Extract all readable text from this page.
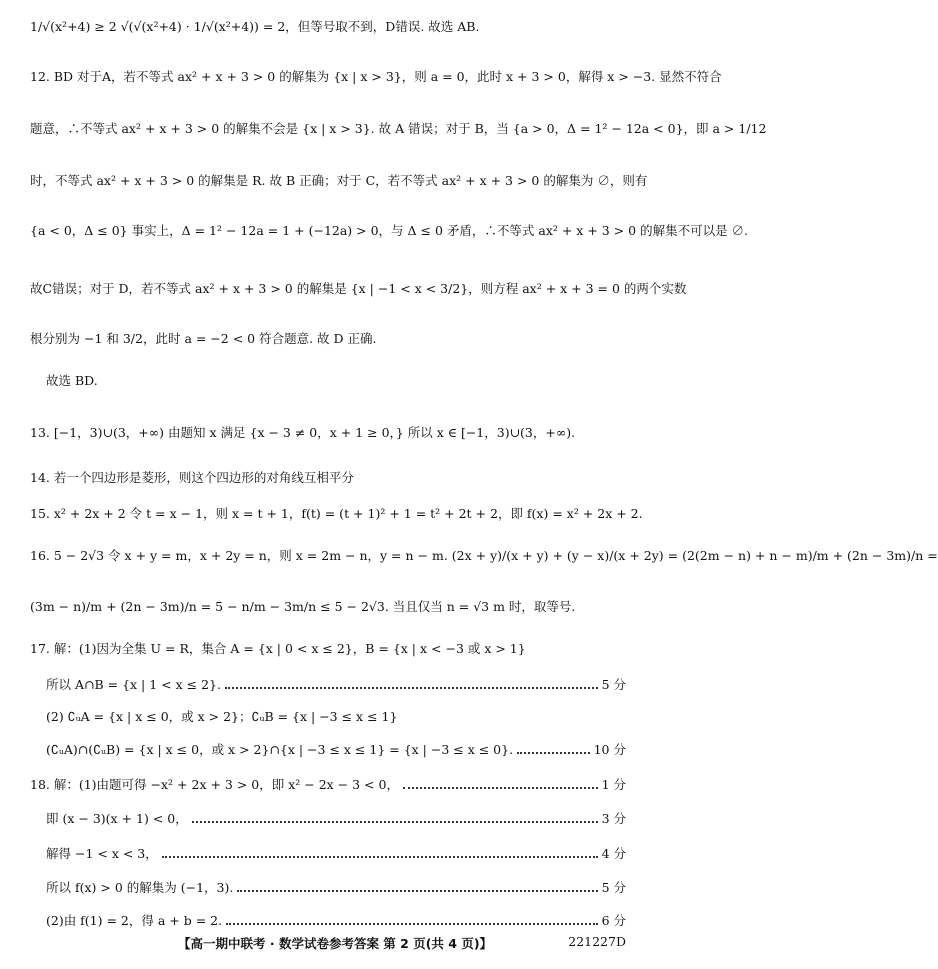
1/√(x²+4) ≥ 2 √(√(x²+4) · 1/√(x²+4)) = 2，但等号取不到，D错误. 故选 AB.
12. BD 对于A，若不等式 ax² + x + 3 > 0 的解集为 {x | x > 3}，则 a = 0，此时 x + 3 > 0，解得 x > −3. 显然不符合
题意，∴不等式 ax² + x + 3 > 0 的解集不会是 {x | x > 3}. 故 A 错误；对于 B，当 {a > 0，Δ = 1² − 12a < 0}，即 a > 1/12
时，不等式 ax² + x + 3 > 0 的解集是 R. 故 B 正确；对于 C，若不等式 ax² + x + 3 > 0 的解集为 ∅，则有
{a < 0，Δ ≤ 0} 事实上，Δ = 1² − 12a = 1 + (−12a) > 0，与 Δ ≤ 0 矛盾，∴不等式 ax² + x + 3 > 0 的解集不可以是 ∅.
故C错误；对于 D，若不等式 ax² + x + 3 > 0 的解集是 {x | −1 < x < 3/2}，则方程 ax² + x + 3 = 0 的两个实数
根分别为 −1 和 3/2，此时 a = −2 < 0 符合题意. 故 D 正确.
故选 BD.
13. [−1，3)∪(3，+∞) 由题知 x 满足 {x − 3 ≠ 0，x + 1 ≥ 0，} 所以 x ∈ [−1，3)∪(3，+∞).
14. 若一个四边形是菱形，则这个四边形的对角线互相平分
15. x² + 2x + 2 令 t = x − 1，则 x = t + 1，f(t) = (t + 1)² + 1 = t² + 2t + 2，即 f(x) = x² + 2x + 2.
16. 5 − 2√3 令 x + y = m，x + 2y = n，则 x = 2m − n，y = n − m. (2x + y)/(x + y) + (y − x)/(x + 2y) = (2(2m − n) + n − m)/m + (2n − 3m)/n =
(3m − n)/m + (2n − 3m)/n = 5 − n/m − 3m/n ≤ 5 − 2√3. 当且仅当 n = √3 m 时，取等号.
17. 解：(1)因为全集 U = R，集合 A = {x | 0 < x ≤ 2}，B = {x | x < −3 或 x > 1}
所以 A∩B = {x | 1 < x ≤ 2}.	5 分
(2) ∁ᵤA = {x | x ≤ 0，或 x > 2}；∁ᵤB = {x | −3 ≤ x ≤ 1}
(∁ᵤA)∩(∁ᵤB) = {x | x ≤ 0，或 x > 2}∩{x | −3 ≤ x ≤ 1} = {x | −3 ≤ x ≤ 0}.	10 分
18. 解：(1)由题可得 −x² + 2x + 3 > 0，即 x² − 2x − 3 < 0，	1 分
即 (x − 3)(x + 1) < 0，	3 分
解得 −1 < x < 3，	4 分
所以 f(x) > 0 的解集为 (−1，3).	5 分
(2)由 f(1) = 2，得 a + b = 2.	6 分
【高一期中联考 · 数学试卷参考答案 第 2 页(共 4 页)】	221227D
